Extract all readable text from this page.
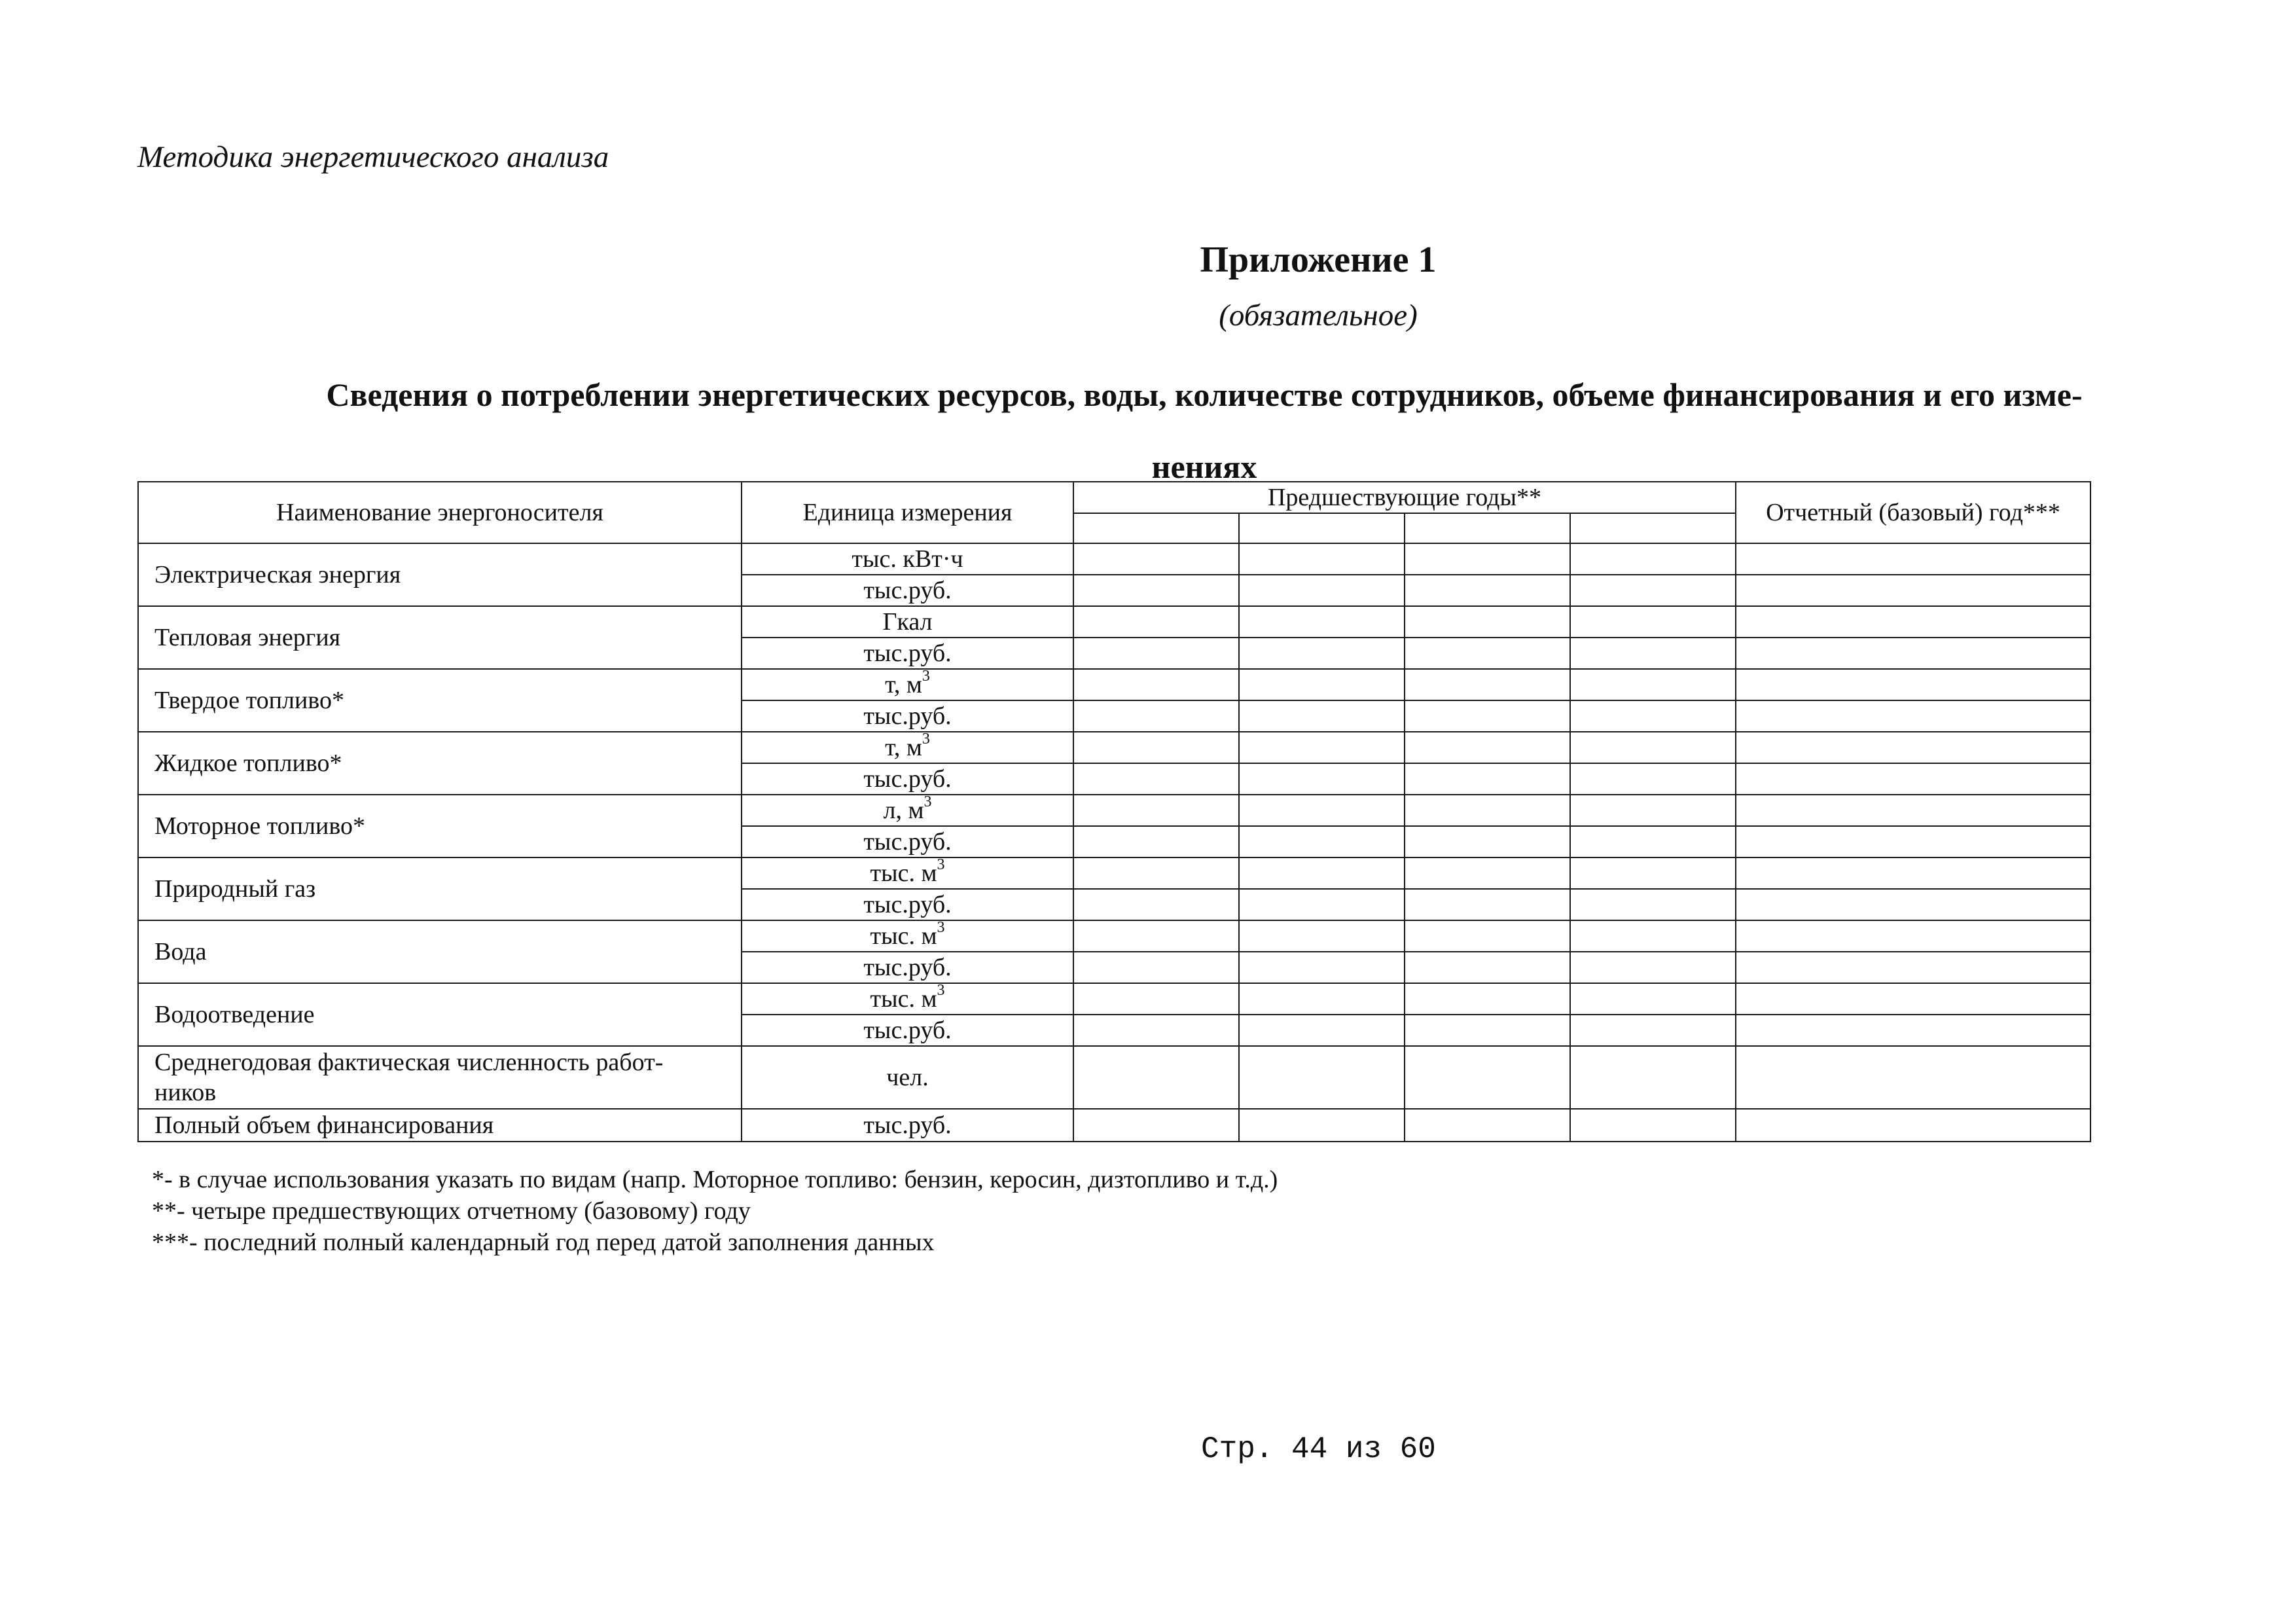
Методика энергетического анализа
Приложение 1
(обязательное)
Сведения о потреблении энергетических ресурсов, воды, количестве сотрудников, объеме финансирования и его изме-
нениях
Наименование энергоносителя	Единица измерения	Предшествующие годы**				Отчетный (базовый) год***

Электрическая энергия	тыс. кВт·ч					
	тыс.руб.					
Тепловая энергия	Гкал					
	тыс.руб.					
Твердое топливо*	т, $м^3$					
	тыс.руб.					
Жидкое топливо*	т, $м^3$					
	тыс.руб.					
Моторное топливо*	л, $м^3$					
	тыс.руб.					
Природный газ	тыс. $м^3$					
	тыс.руб.					
Вода	тыс. $м^3$					
	тыс.руб.					
Водоотведение	тыс. $м^3$					
	тыс.руб.					

Среднегодовая фактическая численность работ-
ников	чел.					
Полный объем финансирования	тыс.руб.					
*- в случае использования указать по видам (напр. Моторное топливо: бензин, керосин, дизтопливо и т.д.)
**- четыре предшествующих отчетному (базовому) году
***- последний полный календарный год перед датой заполнения данных
Стр. 44 из 60
